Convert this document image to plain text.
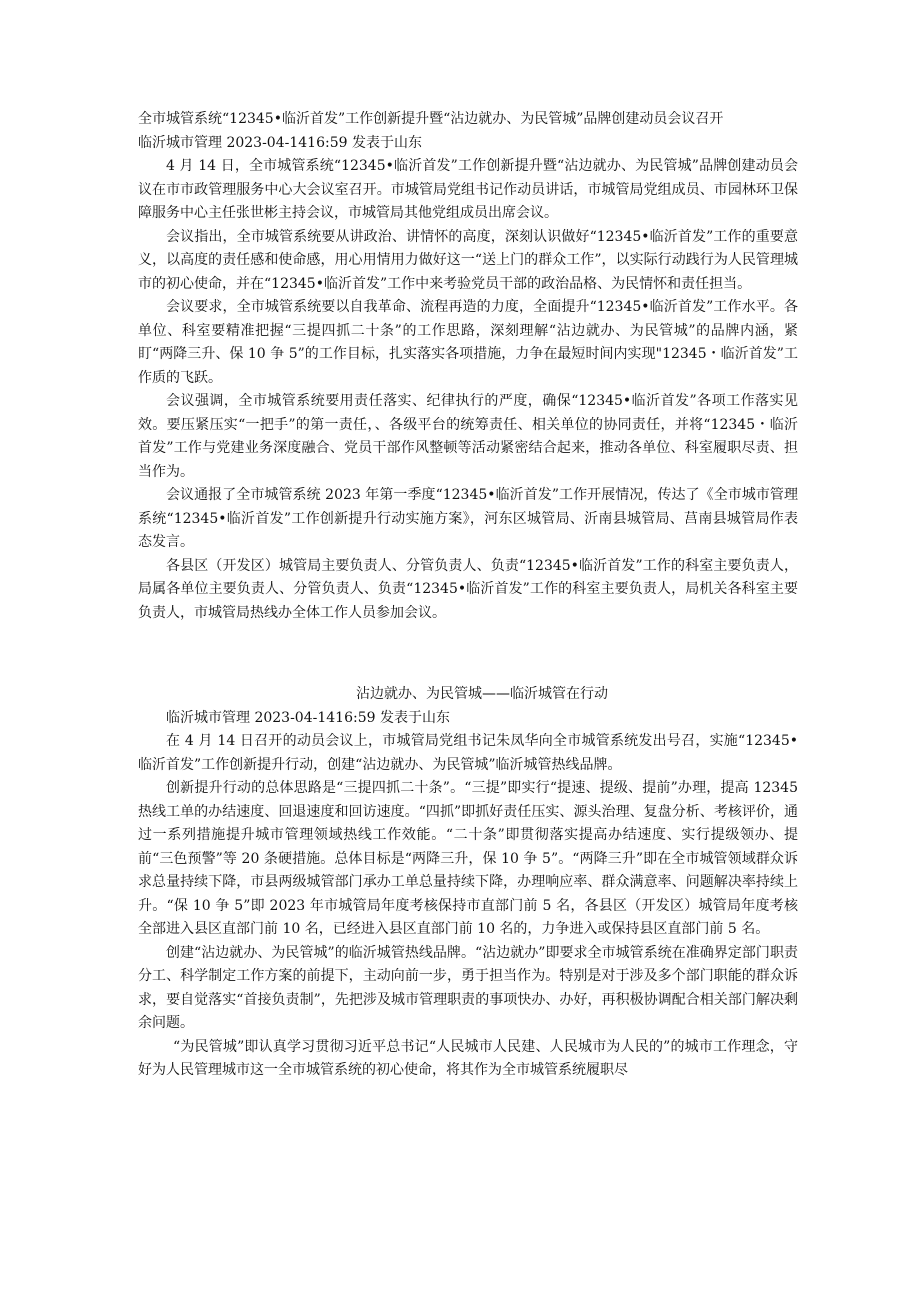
全市城管系统“12345•临沂首发”工作创新提升暨“沾边就办、为民管城”品牌创建动员会议召开

临沂城市管理 2023-04-1416:59 发表于山东

4 月 14 日，全市城管系统“12345•临沂首发”工作创新提升暨“沾边就办、为民管城”品牌创建动员会议在市市政管理服务中心大会议室召开。市城管局党组书记作动员讲话，市城管局党组成员、市园林环卫保障服务中心主任张世彬主持会议，市城管局其他党组成员出席会议。

会议指出，全市城管系统要从讲政治、讲情怀的高度，深刻认识做好“12345•临沂首发”工作的重要意义，以高度的责任感和使命感，用心用情用力做好这一“送上门的群众工作”，以实际行动践行为人民管理城市的初心使命，并在“12345•临沂首发”工作中来考验党员干部的政治品格、为民情怀和责任担当。

会议要求，全市城管系统要以自我革命、流程再造的力度，全面提升“12345•临沂首发”工作水平。各单位、科室要精准把握“三提四抓二十条”的工作思路，深刻理解“沾边就办、为民管城”的品牌内涵，紧盯“两降三升、保 10 争 5”的工作目标，扎实落实各项措施，力争在最短时间内实现"12345・临沂首发”工作质的飞跃。

会议强调，全市城管系统要用责任落实、纪律执行的严度，确保“12345•临沂首发”各项工作落实见效。要压紧压实“一把手”的第一责任，、各级平台的统筹责任、相关单位的协同责任，并将“12345・临沂首发”工作与党建业务深度融合、党员干部作风整顿等活动紧密结合起来，推动各单位、科室履职尽责、担当作为。

会议通报了全市城管系统 2023 年第一季度“12345•临沂首发”工作开展情况，传达了《全市城市管理系统“12345•临沂首发”工作创新提升行动实施方案》，河东区城管局、沂南县城管局、莒南县城管局作表态发言。

各县区（开发区）城管局主要负责人、分管负责人、负责“12345•临沂首发”工作的科室主要负责人，局属各单位主要负责人、分管负责人、负责“12345•临沂首发”工作的科室主要负责人，局机关各科室主要负责人，市城管局热线办全体工作人员参加会议。

沾边就办、为民管城——临沂城管在行动

临沂城市管理 2023-04-1416:59 发表于山东

在 4 月 14 日召开的动员会议上，市城管局党组书记朱凤华向全市城管系统发出号召，实施“12345•临沂首发”工作创新提升行动，创建“沾边就办、为民管城”临沂城管热线品牌。

创新提升行动的总体思路是“三提四抓二十条”。“三提”即实行“提速、提级、提前”办理，提高 12345 热线工单的办结速度、回退速度和回访速度。“四抓”即抓好责任压实、源头治理、复盘分析、考核评价，通过一系列措施提升城市管理领域热线工作效能。“二十条”即贯彻落实提高办结速度、实行提级领办、提前“三色预警”等 20 条硬措施。总体目标是“两降三升，保 10 争 5”。“两降三升”即在全市城管领域群众诉求总量持续下降，市县两级城管部门承办工单总量持续下降，办理响应率、群众满意率、问题解决率持续上升。“保 10 争 5”即 2023 年市城管局年度考核保持市直部门前 5 名，各县区（开发区）城管局年度考核全部进入县区直部门前 10 名，已经进入县区直部门前 10 名的，力争进入或保持县区直部门前 5 名。

创建“沾边就办、为民管城”的临沂城管热线品牌。“沾边就办”即要求全市城管系统在准确界定部门职责分工、科学制定工作方案的前提下，主动向前一步，勇于担当作为。特别是对于涉及多个部门职能的群众诉求，要自觉落实“首接负责制”，先把涉及城市管理职责的事项快办、办好，再积极协调配合相关部门解决剩余问题。

“为民管城”即认真学习贯彻习近平总书记“人民城市人民建、人民城市为人民的”的城市工作理念，守好为人民管理城市这一全市城管系统的初心使命，将其作为全市城管系统履职尽
